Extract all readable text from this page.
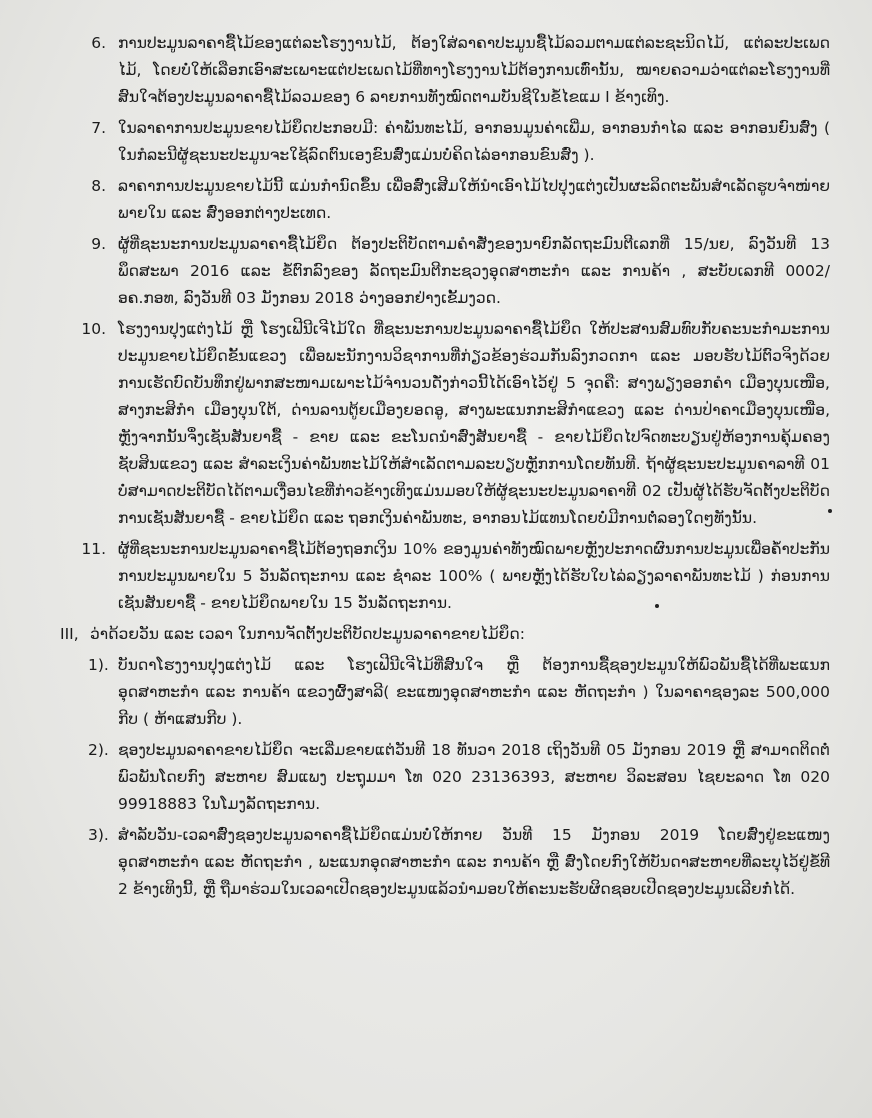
6. ການປະມູນລາຄາຊື້ໄມ້ຂອງແຕ່ລະໂຮງງານໄມ້, ຕ້ອງໃສ່ລາຄາປະມູນຊື້ໄມ້ລວມຕາມແຕ່ລະຊະນິດໄມ້, ແຕ່ລະປະເພດໄມ້, ໂດຍບໍ່ໃຫ້ເລືອກເອົາສະເພາະແຕ່ປະເພດໄມ້ທີ່ທາງໂຮງງານໄມ້ຕ້ອງການເທົ່ານັ້ນ, ໝາຍຄວາມວ່າແຕ່ລະໂຮງງານທີ່ສົນໃຈຕ້ອງປະມູນລາຄາຊື້ໄມ້ລວມຂອງ 6 ລາຍການທັງໝົດຕາມບັນຊີໃນຂໍ້ໄຂແມ I ຂ້າງເທິງ.
7. ໃນລາຄາການປະມູນຂາຍໄມ້ຍຶດປະກອບມີ: ຄ່າພັນທະໄມ້, ອາກອນມູນຄ່າເພີ່ມ, ອາກອນກຳໄລ ແລະ ອາກອນຍົນສົ່ງ ( ໃນກໍລະນີຜູ້ຊະນະປະມູນຈະໃຊ້ລົດຕົນເອງຂົນສົ່ງແມ່ນບໍ່ຄິດໄລ່ອາກອນຂົນສົ່ງ ).
8. ລາຄາການປະມູນຂາຍໄມ້ນີ້ ແມ່ນກຳນົດຂຶ້ນ ເພື່ອສົ່ງເສີມໃຫ້ນຳເອົາໄມ້ໄປປຸງແຕ່ງເປັນຜະລິດຕະພັນສຳເລັດຮູບຈຳໜ່າຍພາຍໃນ ແລະ ສົ່ງອອກຕ່າງປະເທດ.
9. ຜູ້ທີ່ຊະນະການປະມູນລາຄາຊື້ໄມ້ຍຶດ ຕ້ອງປະຕິບັດຕາມຄຳສັ່ງຂອງນາຍົກລັດຖະມົນຕີເລກທີ່ 15/ນຍ, ລົງວັນທີ 13 ພຶດສະພາ 2016 ແລະ ຂໍ້ຕົກລົງຂອງ ລັດຖະມົນຕີກະຊວງອຸດສາຫະກຳ ແລະ ການຄ້າ , ສະບັບເລກທີ 0002/ອຄ.ກອທ, ລົງວັນທີ 03 ມັງກອນ 2018 ວ່າງອອກຢ່າງເຂັ້ມງວດ.
10. ໂຮງງານປຸງແຕ່ງໄມ້ ຫຼື ໂຮງເຟີນີເຈີໄມ້ໃດ ທີ່ຊະນະການປະມູນລາຄາຊື້ໄມ້ຍຶດ ໃຫ້ປະສານສົມທົບກັບຄະນະກຳມະການປະມູນຂາຍໄມ້ຍຶດຂັ້ນແຂວງ ເພື່ອພະນັກງານວິຊາການທີ່ກ່ຽວຂ້ອງຮ່ວມກັນລົງກວດກາ ແລະ ມອບຮັບໄມ້ຕົວຈິງດ້ວຍການເຮັດບົດບັນທຶກຢູ່ພາກສະໜາມເພາະໄມ້ຈຳນວນດັ່ງກ່າວນີ້ໄດ້ເອົາໄວ້ຢູ່ 5 ຈຸດຄື: ສາງພຽງອອກຄຳ ເມືອງບຸນເໜືອ, ສາງກະສິກຳ ເມືອງບຸນໃຕ້, ດ່ານລານຕູ້ຍເມືອງຍອດອູ, ສາງພະແນກກະສິກຳແຂວງ ແລະ ດ່ານປ່າຄາເມືອງບຸນເໜືອ, ຫຼັງຈາກນັ້ນຈຶ່ງເຊັນສັນຍາຊື້ - ຂາຍ ແລະ ຂະໂນດນຳສົ່ງສັນຍາຊື້ - ຂາຍໄມ້ຍຶດໄປຈົດທະບຽນຢູ່ຫ້ອງການຄຸ້ມຄອງຊັບສິນແຂວງ ແລະ ສຳລະເງິນຄ່າພັນທະໄມ້ໃຫ້ສຳເລັດຕາມລະບຽບຫຼັກການໂດຍທັນທີ. ຖ້າຜູ້ຊະນະປະມູນຄາລາທີ 01 ບໍ່ສາມາດປະຕິບັດໄດ້ຕາມເງື່ອນໄຂທີ່ກ່າວຂ້າງເທິງແມ່ນມອບໃຫ້ຜູ້ຊະນະປະມູນລາຄາທີ 02 ເປັນຜູ້ໄດ້ຮັບຈັດຕັ້ງປະຕິບັດການເຊັນສັນຍາຊື້ - ຂາຍໄມ້ຍຶດ ແລະ ຖອກເງິນຄ່າພັນທະ, ອາກອນໄມ້ແທນໂດຍບໍ່ມີການຕໍ່ລອງໃດໆທັງນັ້ນ.
11. ຜູ້ທີ່ຊະນະການປະມູນລາຄາຊື້ໄມ້ຕ້ອງຖອກເງິນ 10% ຂອງມູນຄ່າທັງໝົດພາຍຫຼັງປະກາດຜົນການປະມູນເພື່ອຄ້ຳປະກັນການປະມູນພາຍໃນ 5 ວັນລັດຖະການ ແລະ ຊຳລະ 100% ( ພາຍຫຼັງໄດ້ຮັບໃບໄລ່ລຽງລາຄາພັນທະໄມ້ ) ກ່ອນການເຊັນສັນຍາຊື້ - ຂາຍໄມ້ຍຶດພາຍໃນ 15 ວັນລັດຖະການ.
III, ວ່າດ້ວຍວັນ ແລະ ເວລາ ໃນການຈັດຕັ້ງປະຕິບັດປະມູນລາຄາຂາຍໄມ້ຍຶດ:
1). ບັນດາໂຮງງານປຸງແຕ່ງໄມ້ ແລະ ໂຮງເຟີນີເຈີໄມ້ທີ່ສົນໃຈ ຫຼື ຕ້ອງການຊື້ຊອງປະມູນໃຫ້ພົວພັນຊື້ໄດ້ທີ່ພະແນກອຸດສາຫະກຳ ແລະ ການຄ້າ ແຂວງຜົ້ງສາລີ( ຂະແໜງອຸດສາຫະກຳ ແລະ ຫັດຖະກຳ ) ໃນລາຄາຊອງລະ 500,000 ກີບ ( ຫ້າແສນກີບ ).
2). ຊອງປະມູນລາຄາຂາຍໄມ້ຍຶດ ຈະເລີ່ມຂາຍແຕ່ວັນທີ 18 ທັນວາ 2018 ເຖິງວັນທີ 05 ມັງກອນ 2019 ຫຼື ສາມາດຕິດຕໍ່ພົວພັນໂດຍກົງ ສະຫາຍ ສົມແພງ ປະຖຸມມາ ໂທ 020 23136393, ສະຫາຍ ວິລະສອນ ໄຊຍະລາດ ໂທ 020 99918883 ໃນໂມງລັດຖະການ.
3). ສຳລັບວັນ-ເວລາສົ່ງຊອງປະມູນລາຄາຊື້ໄມ້ຍຶດແມ່ນບໍ່ໃຫ້ກາຍ ວັນທີ 15 ມັງກອນ 2019 ໂດຍສົ່ງຢູ່ຂະແໜງອຸດສາຫະກຳ ແລະ ຫັດຖະກຳ , ພະແນກອຸດສາຫະກຳ ແລະ ການຄ້າ ຫຼື ສົ່ງໂດຍກົງໃຫ້ບັນດາສະຫາຍທີ່ລະບຸໄວ້ຢູ່ຂໍ້ທີ 2 ຂ້າງເທິງນີ້, ຫຼື ຖືມາຮ່ວມໃນເວລາເປີດຊອງປະມູນແລ້ວນຳມອບໃຫ້ຄະນະຮັບຜິດຊອບເປີດຊອງປະມູນເລີຍກໍ່ໄດ້.
